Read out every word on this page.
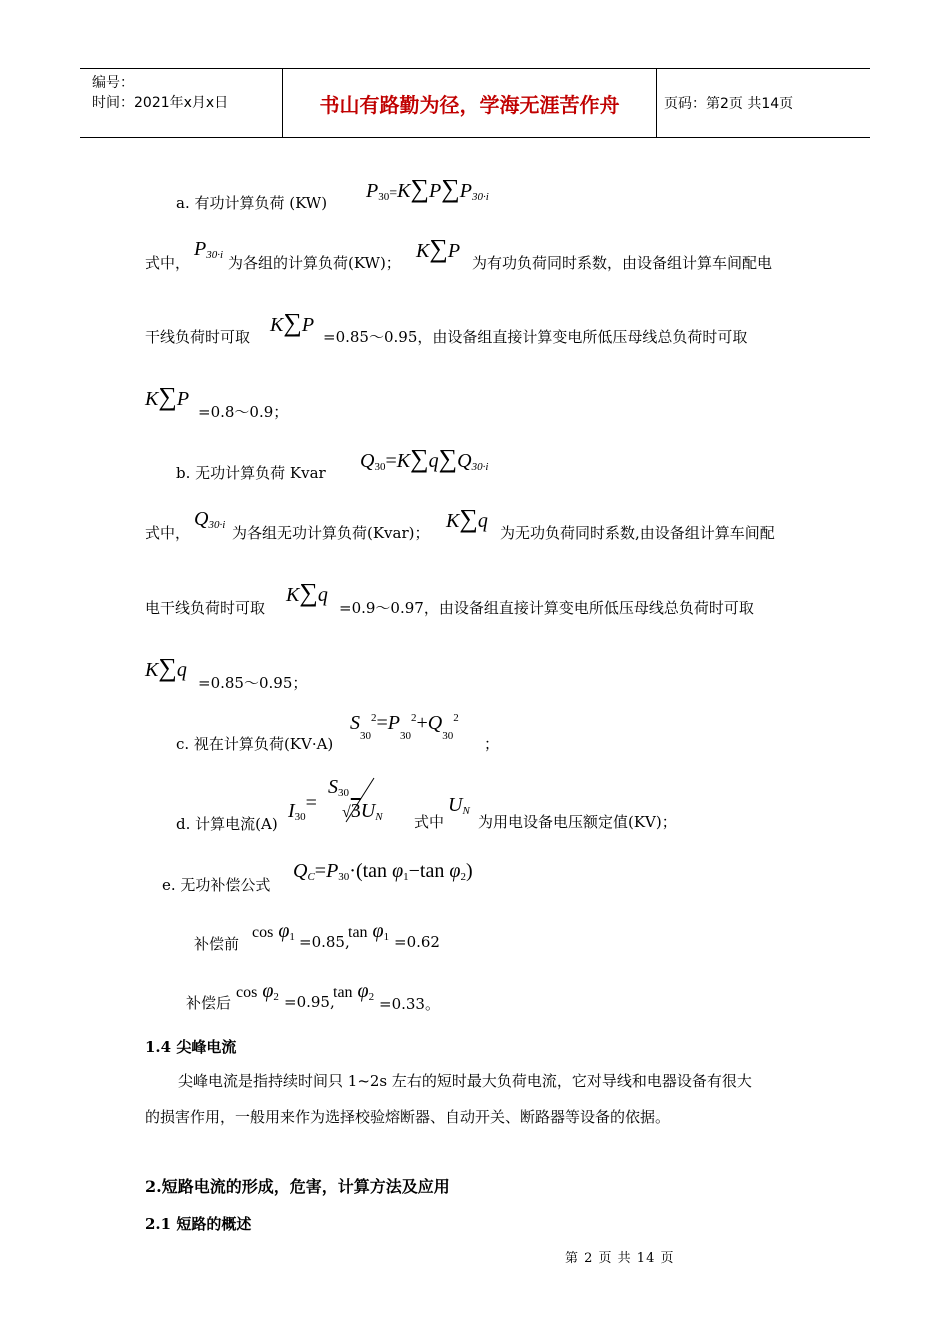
编号：
时间：2021年x月x日	书山有路勤为径，学海无涯苦作舟	页码：第2页 共14页
a. 有功计算负荷 (KW)
$P_{30}=K\sum P\sum P_{30\cdot i}$
式中，
$P_{30\cdot i}$ 为各组的计算负荷(KW)；
K∑P
为有功负荷同时系数，由设备组计算车间配电
干线负荷时可取
K∑P
=0.85～0.95，由设备组直接计算变电所低压母线总负荷时可取
K∑P
=0.8～0.9；
b. 无功计算负荷 Kvar
$Q_{30}=K\sum q\sum Q_{30\cdot i}$
式中，
$Q_{30\cdot i}$ 为各组无功计算负荷(Kvar)；
K∑q
为无功负荷同时系数,由设备组计算车间配
电干线负荷时可取
K∑q
=0.9～0.97，由设备组直接计算变电所低压母线总负荷时可取
K∑q
=0.85～0.95；
c. 视在计算负荷(KV·A)
$S_{30}^2=P_{30}^2+Q_{30}^2$
；
d. 计算电流(A)
$I_{30}=$
$S_{30}$
$√3U_N$ 式中
$U_N$
为用电设备电压额定值(KV)；
e. 无功补偿公式
$Q_C=P_{30}\cdot(\tan$ $\varphi_1-\tan$ $\varphi_2$)
补偿前
$\cos \varphi_1 =0.85$,
$\tan \varphi_1 =0.62$
补偿后
$\cos \varphi_2 =0.95$,
$\tan \varphi_2 =0.33$。
1.4 尖峰电流
尖峰电流是指持续时间只 1~2s 左右的短时最大负荷电流，它对导线和电器设备有很大
的损害作用，一般用来作为选择校验熔断器、自动开关、断路器等设备的依据。
2.短路电流的形成，危害，计算方法及应用
2.1 短路的概述
第 2 页 共 14 页
